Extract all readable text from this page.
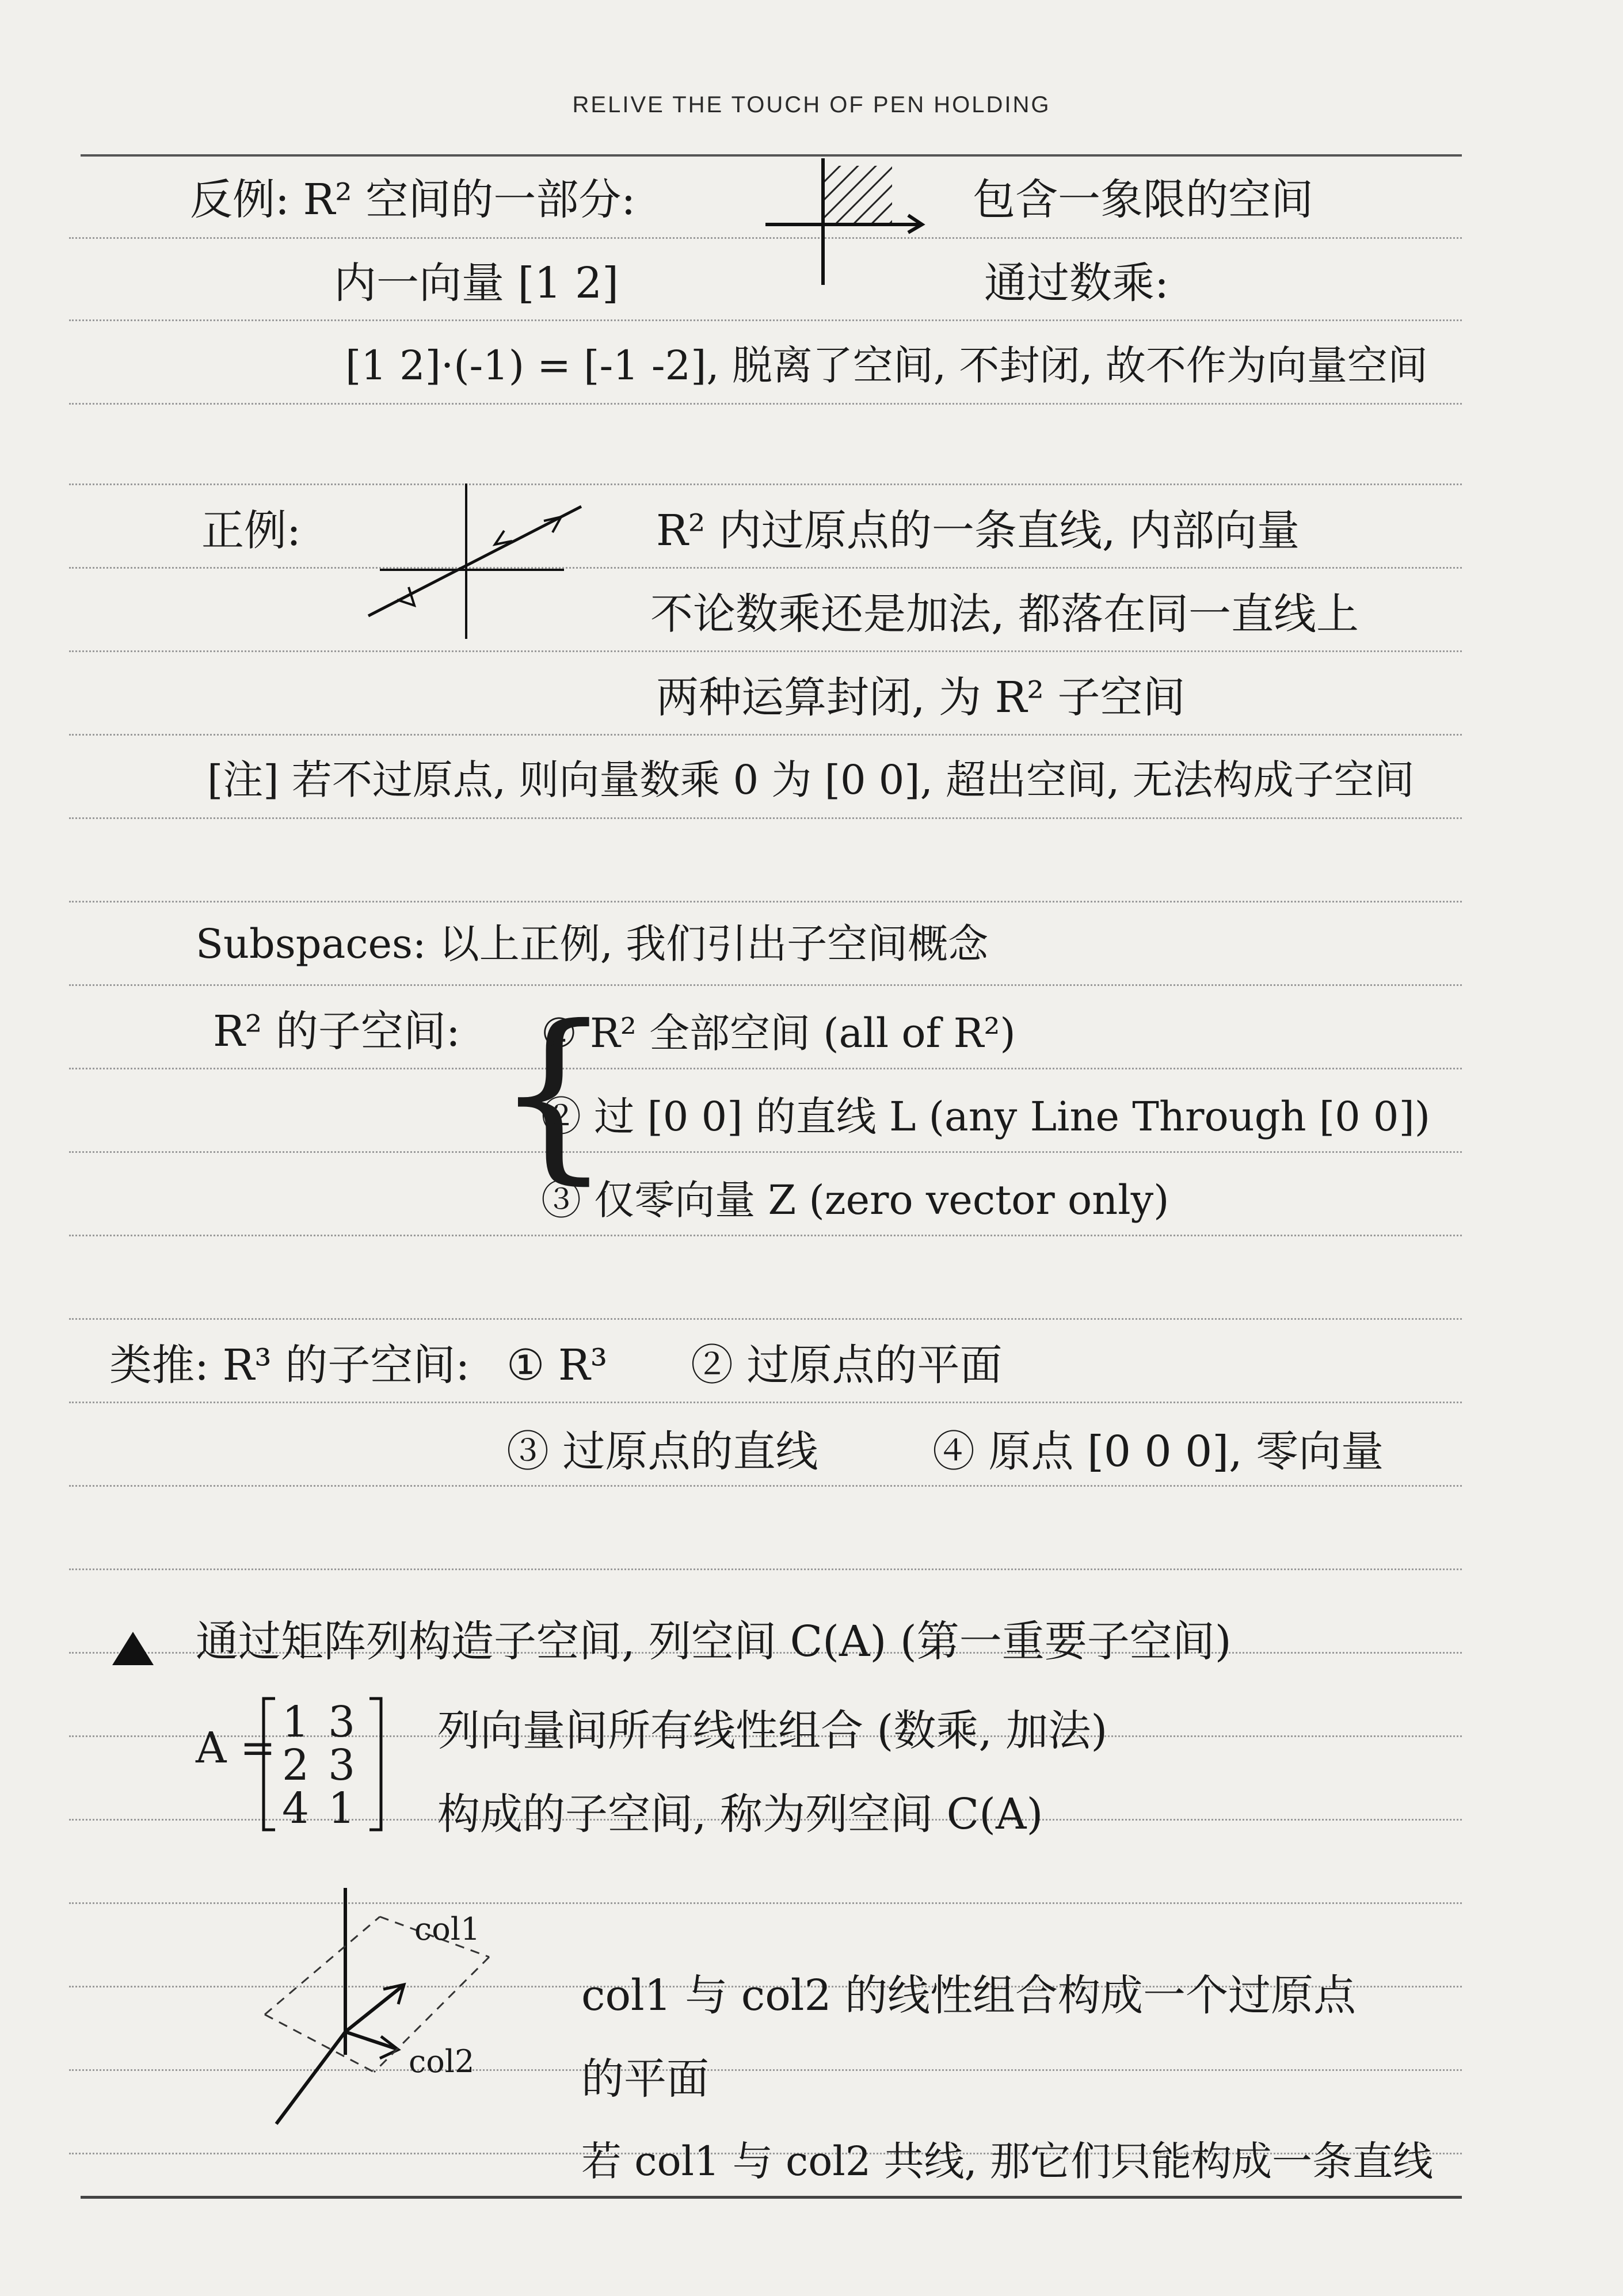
RELIVE THE TOUCH OF PEN HOLDING
反例: R² 空间的一部分:	包含一象限的空间
内一向量 [1 2]	通过数乘:
[1 2]·(-1) = [-1 -2], 脱离了空间, 不封闭, 故不作为向量空间
正例:	R² 内过原点的一条直线, 内部向量
不论数乘还是加法, 都落在同一直线上
两种运算封闭, 为 R² 子空间
[注] 若不过原点, 则向量数乘 0 为 [0 0], 超出空间, 无法构成子空间
Subspaces: 以上正例, 我们引出子空间概念
R² 的子空间: {
① R² 全部空间 (all of R²)
② 过 [0 0] 的直线 L (any Line Through [0 0])
③ 仅零向量 Z (zero vector only)
类推: R³ 的子空间: ① R³ ② 过原点的平面
③ 过原点的直线	④ 原点 [0 0 0], 零向量
通过矩阵列构造子空间, 列空间 C(A) (第一重要子空间)
A =
1 3
2 3
4 1
列向量间所有线性组合 (数乘, 加法)
构成的子空间, 称为列空间 C(A)
col1
col2
col1 与 col2 的线性组合构成一个过原点
的平面
若 col1 与 col2 共线, 那它们只能构成一条直线
